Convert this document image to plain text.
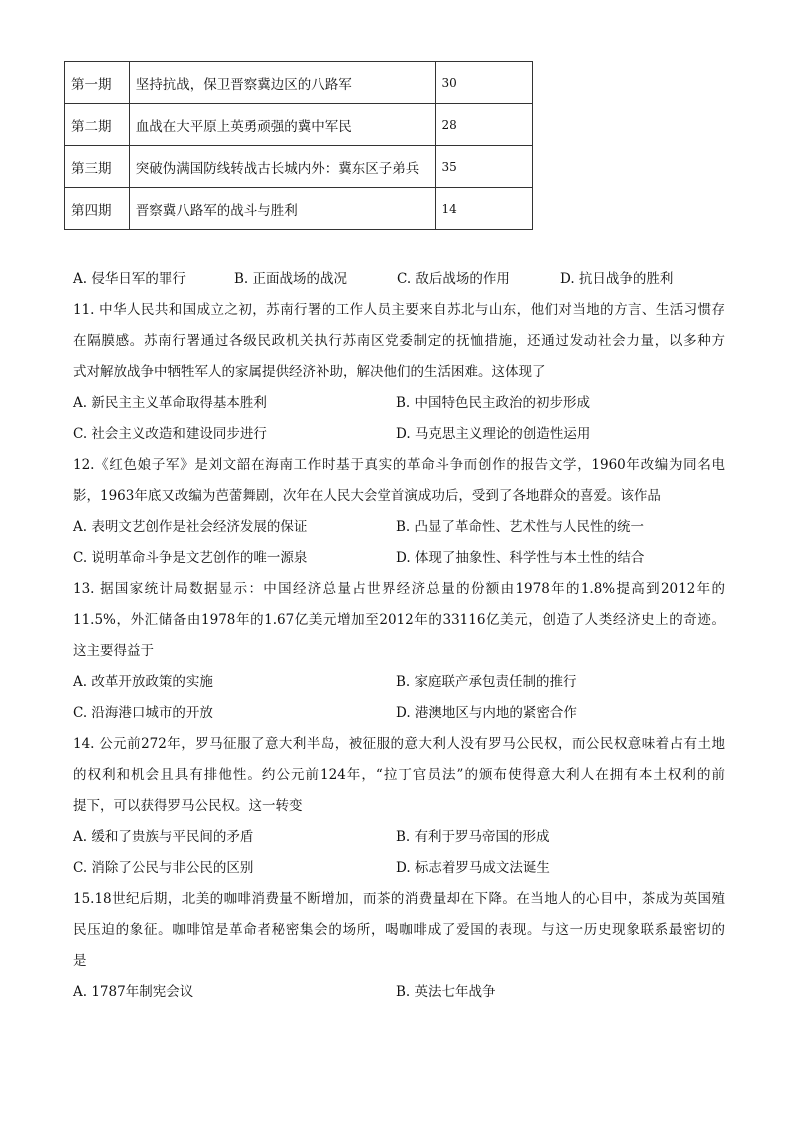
第一期	坚持抗战，保卫晋察冀边区的八路军	30
第二期	血战在大平原上英勇顽强的冀中军民	28
第三期	突破伪满国防线转战古长城内外：冀东区子弟兵	35
第四期	晋察冀八路军的战斗与胜利	14
A. 侵华日军的罪行	B. 正面战场的战况	C. 敌后战场的作用	D. 抗日战争的胜利
11. 中华人民共和国成立之初，苏南行署的工作人员主要来自苏北与山东，他们对当地的方言、生活习惯存
在隔膜感。苏南行署通过各级民政机关执行苏南区党委制定的抚恤措施，还通过发动社会力量，以多种方
式对解放战争中牺牲军人的家属提供经济补助，解决他们的生活困难。这体现了
A. 新民主主义革命取得基本胜利	B. 中国特色民主政治的初步形成
C. 社会主义改造和建设同步进行	D. 马克思主义理论的创造性运用
12.《红色娘子军》是刘文韶在海南工作时基于真实的革命斗争而创作的报告文学，1960年改编为同名电
影，1963年底又改编为芭蕾舞剧，次年在人民大会堂首演成功后，受到了各地群众的喜爱。该作品
A. 表明文艺创作是社会经济发展的保证	B. 凸显了革命性、艺术性与人民性的统一
C. 说明革命斗争是文艺创作的唯一源泉	D. 体现了抽象性、科学性与本土性的结合
13. 据国家统计局数据显示：中国经济总量占世界经济总量的份额由1978年的1.8%提高到2012年的
11.5%，外汇储备由1978年的1.67亿美元增加至2012年的33116亿美元，创造了人类经济史上的奇迹。
这主要得益于
A. 改革开放政策的实施	B. 家庭联产承包责任制的推行
C. 沿海港口城市的开放	D. 港澳地区与内地的紧密合作
14. 公元前272年，罗马征服了意大利半岛，被征服的意大利人没有罗马公民权，而公民权意味着占有土地
的权利和机会且具有排他性。约公元前124年，“拉丁官员法”的颁布使得意大利人在拥有本土权利的前
提下，可以获得罗马公民权。这一转变
A. 缓和了贵族与平民间的矛盾	B. 有利于罗马帝国的形成
C. 消除了公民与非公民的区别	D. 标志着罗马成文法诞生
15.18世纪后期，北美的咖啡消费量不断增加，而茶的消费量却在下降。在当地人的心目中，茶成为英国殖
民压迫的象征。咖啡馆是革命者秘密集会的场所，喝咖啡成了爱国的表现。与这一历史现象联系最密切的
是
A. 1787年制宪会议	B. 英法七年战争
